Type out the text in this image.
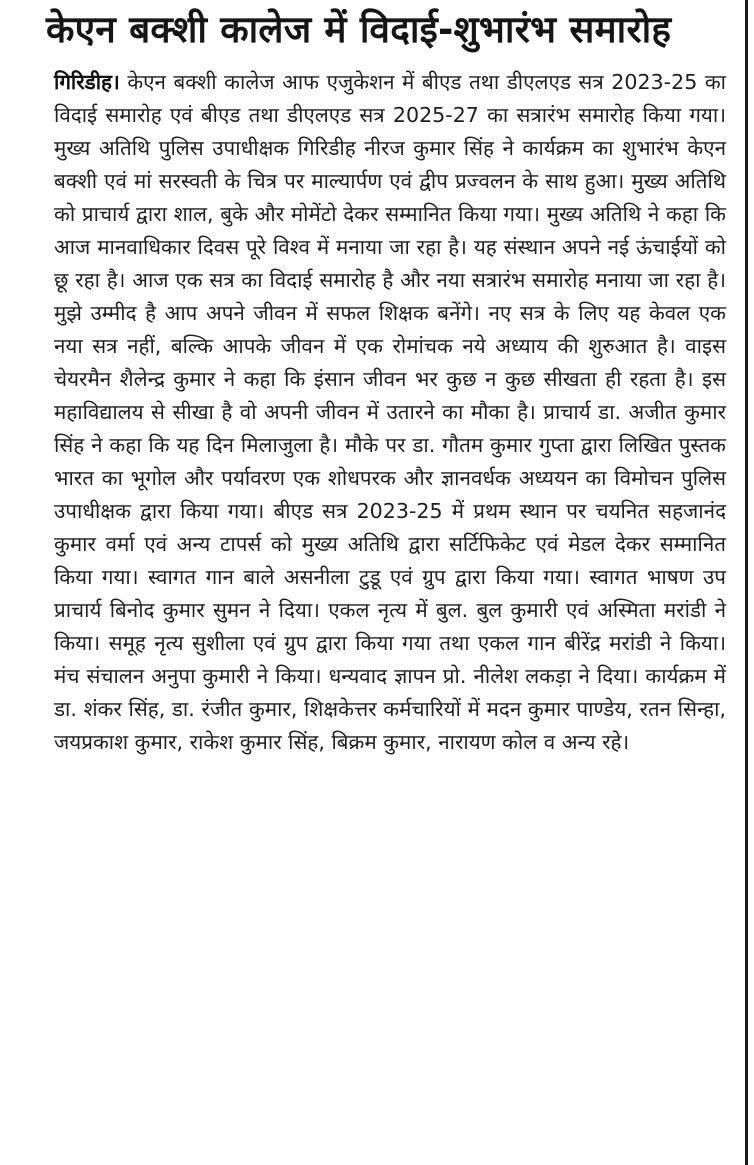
केएन बक्शी कालेज में विदाई-शुभारंभ समारोह

गिरिडीह। केएन बक्शी कालेज आफ एजुकेशन में बीएड तथा डीएलएड सत्र 2023-25 का विदाई समारोह एवं बीएड तथा डीएलएड सत्र 2025-27 का सत्रारंभ समारोह किया गया। मुख्य अतिथि पुलिस उपाधीक्षक गिरिडीह नीरज कुमार सिंह ने कार्यक्रम का शुभारंभ केएन बक्शी एवं मां सरस्वती के चित्र पर माल्यार्पण एवं द्वीप प्रज्वलन के साथ हुआ। मुख्य अतिथि को प्राचार्य द्वारा शाल, बुके और मोमेंटो देकर सम्मानित किया गया। मुख्य अतिथि ने कहा कि आज मानवाधिकार दिवस पूरे विश्व में मनाया जा रहा है। यह संस्थान अपने नई ऊंचाईयों को छू रहा है। आज एक सत्र का विदाई समारोह है और नया सत्रारंभ समारोह मनाया जा रहा है। मुझे उम्मीद है आप अपने जीवन में सफल शिक्षक बनेंगे। नए सत्र के लिए यह केवल एक नया सत्र नहीं, बल्कि आपके जीवन में एक रोमांचक नये अध्याय की शुरुआत है। वाइस चेयरमैन शैलेन्द्र कुमार ने कहा कि इंसान जीवन भर कुछ न कुछ सीखता ही रहता है। इस महाविद्यालय से सीखा है वो अपनी जीवन में उतारने का मौका है। प्राचार्य डा. अजीत कुमार सिंह ने कहा कि यह दिन मिलाजुला है। मौके पर डा. गौतम कुमार गुप्ता द्वारा लिखित पुस्तक भारत का भूगोल और पर्यावरण एक शोधपरक और ज्ञानवर्धक अध्ययन का विमोचन पुलिस उपाधीक्षक द्वारा किया गया। बीएड सत्र 2023-25 में प्रथम स्थान पर चयनित सहजानंद कुमार वर्मा एवं अन्य टापर्स को मुख्य अतिथि द्वारा सर्टिफिकेट एवं मेडल देकर सम्मानित किया गया। स्वागत गान बाले असनीला टुडू एवं ग्रुप द्वारा किया गया। स्वागत भाषण उप प्राचार्य बिनोद कुमार सुमन ने दिया। एकल नृत्य में बुल. बुल कुमारी एवं अस्मिता मरांडी ने किया। समूह नृत्य सुशीला एवं ग्रुप द्वारा किया गया तथा एकल गान बीरेंद्र मरांडी ने किया। मंच संचालन अनुपा कुमारी ने किया। धन्यवाद ज्ञापन प्रो. नीलेश लकड़ा ने दिया। कार्यक्रम में डा. शंकर सिंह, डा. रंजीत कुमार, शिक्षकेत्तर कर्मचारियों में मदन कुमार पाण्डेय, रतन सिन्हा, जयप्रकाश कुमार, राकेश कुमार सिंह, बिक्रम कुमार, नारायण कोल व अन्य रहे।
